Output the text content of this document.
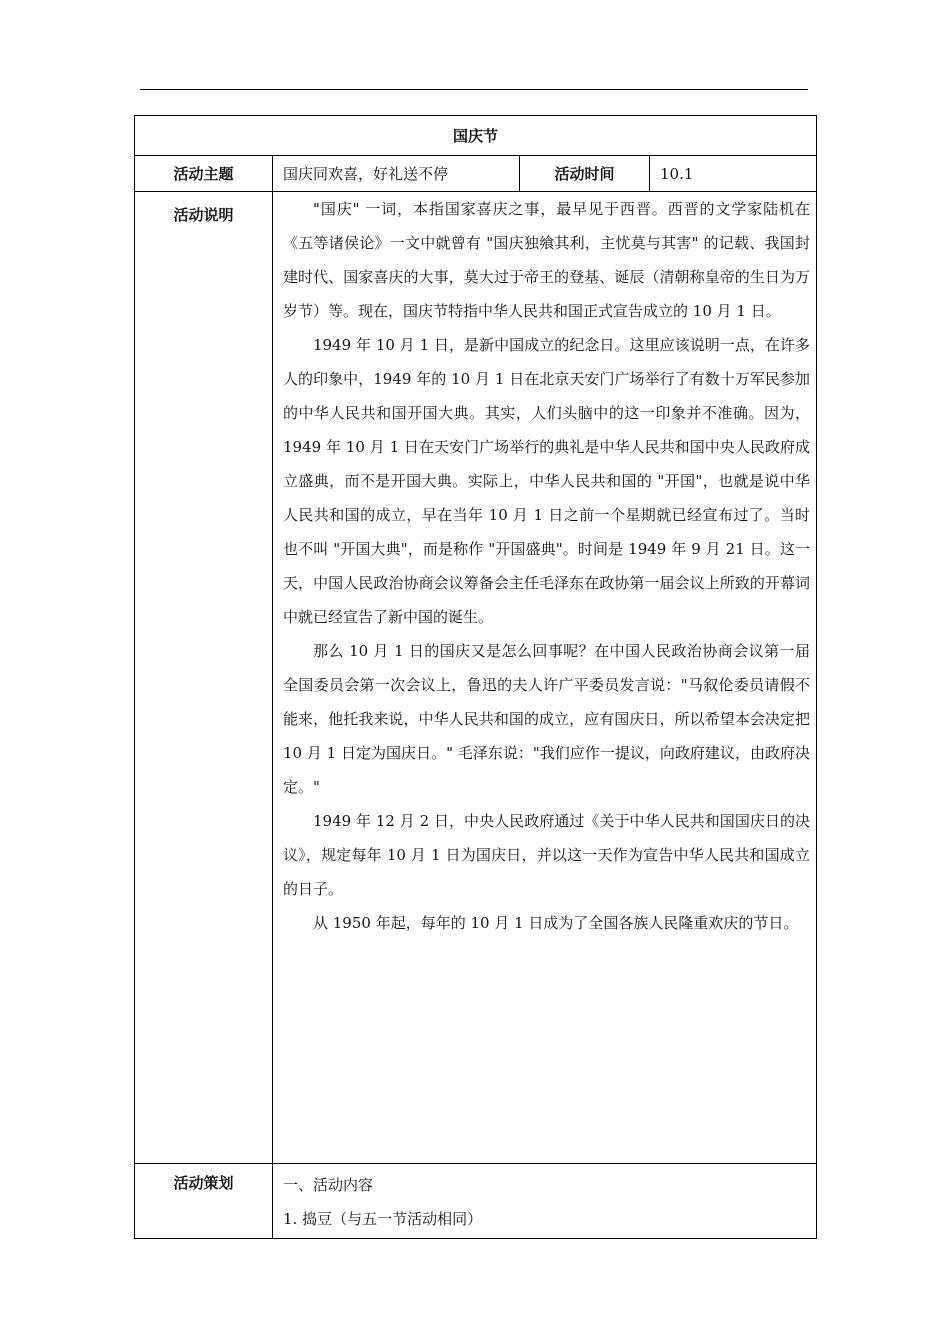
国庆节			
活动主题	国庆同欢喜，好礼送不停	活动时间	10.1
活动说明	"国庆" 一词，本指国家喜庆之事，最早见于西晋。西晋的文学家陆机在《五等诸侯论》一文中就曾有 "国庆独飨其利，主忧莫与其害" 的记载、我国封建时代、国家喜庆的大事，莫大过于帝王的登基、诞辰（清朝称皇帝的生日为万岁节）等。现在，国庆节特指中华人民共和国正式宣告成立的 10 月 1 日。

1949 年 10 月 1 日，是新中国成立的纪念日。这里应该说明一点，在许多人的印象中，1949 年的 10 月 1 日在北京天安门广场举行了有数十万军民参加的中华人民共和国开国大典。其实，人们头脑中的这一印象并不准确。因为，1949 年 10 月 1 日在天安门广场举行的典礼是中华人民共和国中央人民政府成立盛典，而不是开国大典。实际上，中华人民共和国的 "开国"，也就是说中华人民共和国的成立，早在当年 10 月 1 日之前一个星期就已经宣布过了。当时也不叫 "开国大典"，而是称作 "开国盛典"。时间是 1949 年 9 月 21 日。这一天，中国人民政治协商会议筹备会主任毛泽东在政协第一届会议上所致的开幕词中就已经宣告了新中国的诞生。

那么 10 月 1 日的国庆又是怎么回事呢？在中国人民政治协商会议第一届全国委员会第一次会议上，鲁迅的夫人许广平委员发言说："马叙伦委员请假不能来，他托我来说，中华人民共和国的成立，应有国庆日，所以希望本会决定把 10 月 1 日定为国庆日。" 毛泽东说："我们应作一提议，向政府建议，由政府决定。"

1949 年 12 月 2 日，中央人民政府通过《关于中华人民共和国国庆日的决议》，规定每年 10 月 1 日为国庆日，并以这一天作为宣告中华人民共和国成立的日子。

从 1950 年起，每年的 10 月 1 日成为了全国各族人民隆重欢庆的节日。		

活动策划	一、活动内容
1. 捣豆（与五一节活动相同）		
